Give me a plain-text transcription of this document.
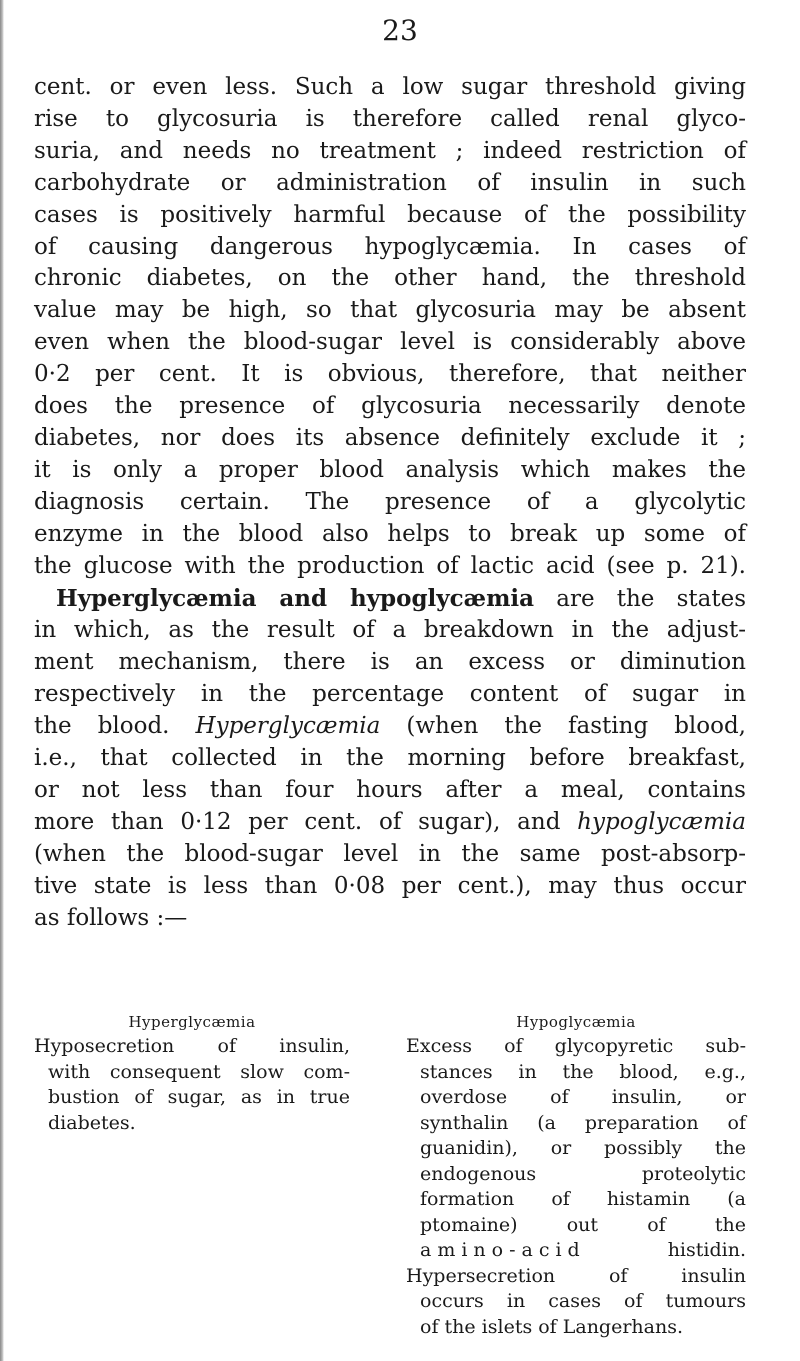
23
cent. or even less. Such a low sugar threshold giving
rise to glycosuria is therefore called renal glyco-
suria, and needs no treatment ; indeed restriction of
carbohydrate or administration of insulin in such
cases is positively harmful because of the possibility
of causing dangerous hypoglycæmia. In cases of
chronic diabetes, on the other hand, the threshold
value may be high, so that glycosuria may be absent
even when the blood-sugar level is considerably above
0·2 per cent. It is obvious, therefore, that neither
does the presence of glycosuria necessarily denote
diabetes, nor does its absence definitely exclude it ;
it is only a proper blood analysis which makes the
diagnosis certain. The presence of a glycolytic
enzyme in the blood also helps to break up some of
the glucose with the production of lactic acid (see p. 21).
Hyperglycæmia and hypoglycæmia are the states
in which, as the result of a breakdown in the adjust-
ment mechanism, there is an excess or diminution
respectively in the percentage content of sugar in
the blood. Hyperglycæmia (when the fasting blood,
i.e., that collected in the morning before breakfast,
or not less than four hours after a meal, contains
more than 0·12 per cent. of sugar), and hypoglycæmia
(when the blood-sugar level in the same post-absorp-
tive state is less than 0·08 per cent.), may thus occur
as follows :—
Hyperglycæmia
Hyposecretion of insulin,
with consequent slow com-
bustion of sugar, as in true
diabetes.
Hypoglycæmia
Excess of glycopyretic sub-
stances in the blood, e.g.,
overdose of insulin, or
synthalin (a preparation of
guanidin), or possibly the
endogenous proteolytic
formation of histamin (a
ptomaine) out of the
amino-acid histidin.
Hypersecretion of insulin
occurs in cases of tumours
of the islets of Langerhans.
